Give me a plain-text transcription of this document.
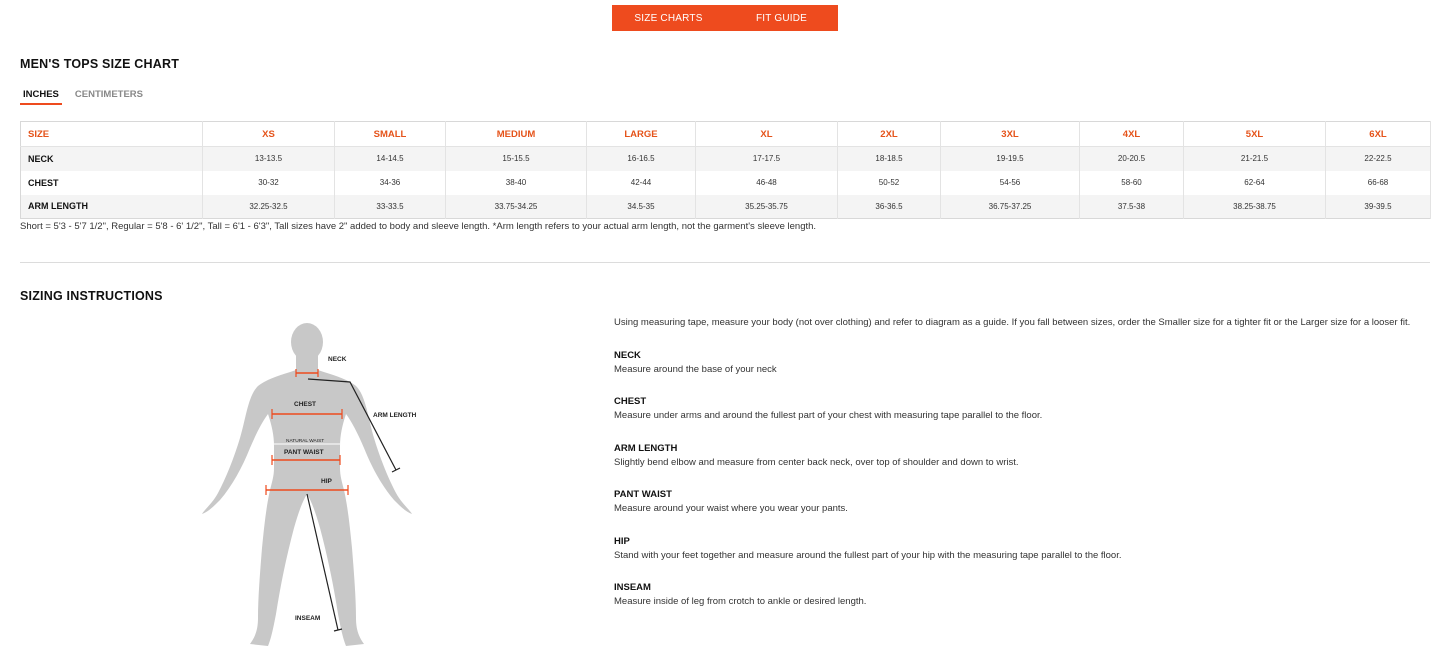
SIZE CHARTS	FIT GUIDE
MEN'S TOPS SIZE CHART
INCHES	CENTIMETERS
SIZE	XS	SMALL	MEDIUM	LARGE	XL	2XL	3XL	4XL	5XL	6XL
NECK	13-13.5	14-14.5	15-15.5	16-16.5	17-17.5	18-18.5	19-19.5	20-20.5	21-21.5	22-22.5
CHEST	30-32	34-36	38-40	42-44	46-48	50-52	54-56	58-60	62-64	66-68
ARM LENGTH	32.25-32.5	33-33.5	33.75-34.25	34.5-35	35.25-35.75	36-36.5	36.75-37.25	37.5-38	38.25-38.75	39-39.5
Short = 5'3 - 5'7 1/2", Regular = 5'8 - 6' 1/2", Tall = 6'1 - 6'3", Tall sizes have 2" added to body and sleeve length. *Arm length refers to your actual arm length, not the garment's sleeve length.
SIZING INSTRUCTIONS
NECK
ARM LENGTH
CHEST
NATURAL WAIST
PANT WAIST
HIP
INSEAM
Using measuring tape, measure your body (not over clothing) and refer to diagram as a guide. If you fall between sizes, order the Smaller size for a tighter fit or the Larger size for a looser fit.
NECK
Measure around the base of your neck
CHEST
Measure under arms and around the fullest part of your chest with measuring tape parallel to the floor.
ARM LENGTH
Slightly bend elbow and measure from center back neck, over top of shoulder and down to wrist.
PANT WAIST
Measure around your waist where you wear your pants.
HIP
Stand with your feet together and measure around the fullest part of your hip with the measuring tape parallel to the floor.
INSEAM
Measure inside of leg from crotch to ankle or desired length.
